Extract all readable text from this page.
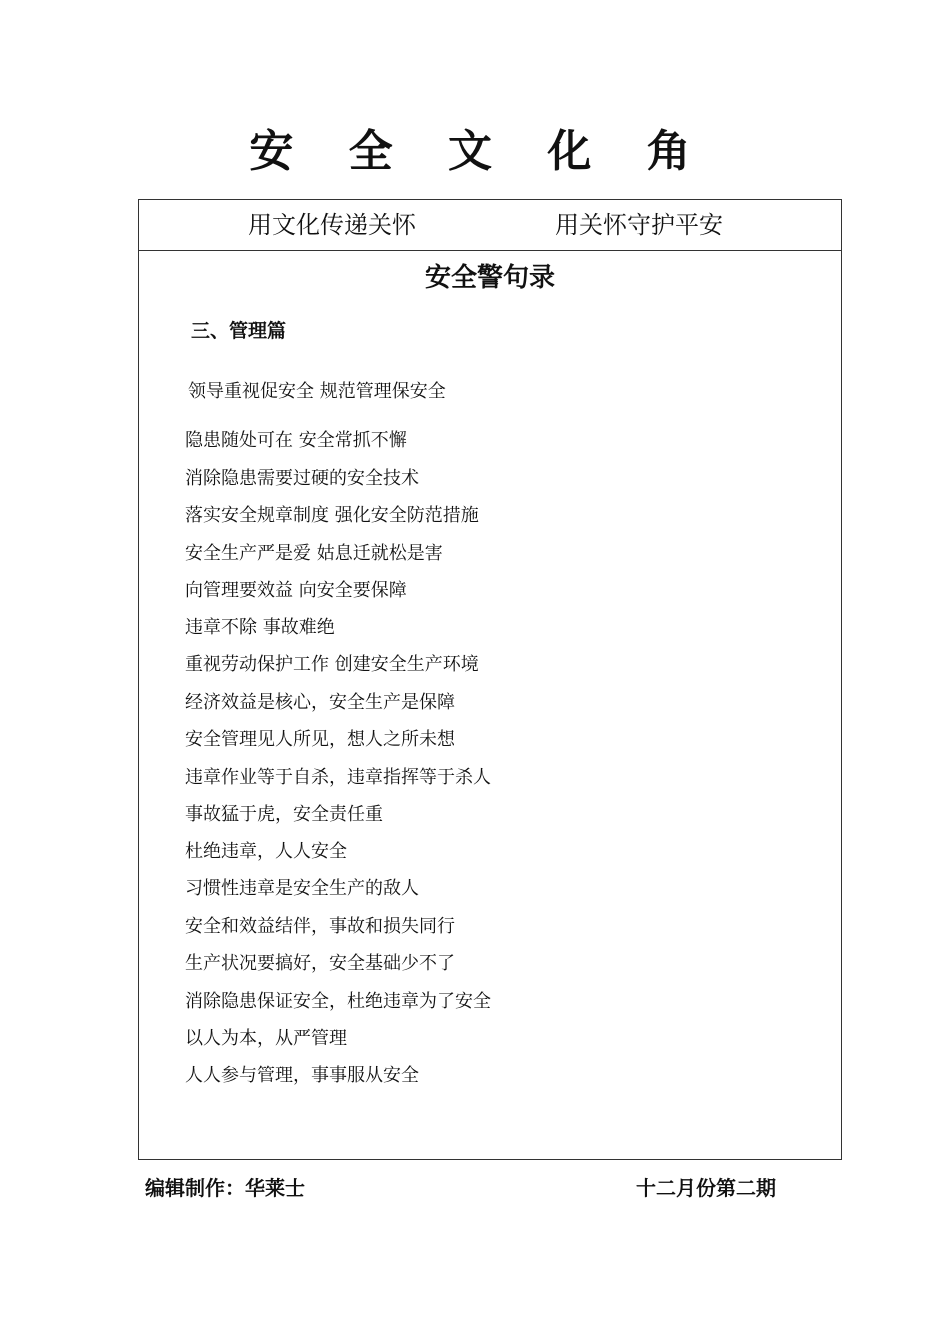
安 全 文 化 角
用文化传递关怀	用关怀守护平安
安全警句录
三、管理篇
领导重视促安全 规范管理保安全
隐患随处可在 安全常抓不懈
消除隐患需要过硬的安全技术
落实安全规章制度 强化安全防范措施
安全生产严是爱 姑息迁就松是害
向管理要效益 向安全要保障
违章不除 事故难绝
重视劳动保护工作 创建安全生产环境
经济效益是核心，安全生产是保障
安全管理见人所见，想人之所未想
违章作业等于自杀，违章指挥等于杀人
事故猛于虎，安全责任重
杜绝违章，人人安全
习惯性违章是安全生产的敌人
安全和效益结伴，事故和损失同行
生产状况要搞好，安全基础少不了
消除隐患保证安全，杜绝违章为了安全
以人为本，从严管理
人人参与管理，事事服从安全
编辑制作：华莱士	十二月份第二期
